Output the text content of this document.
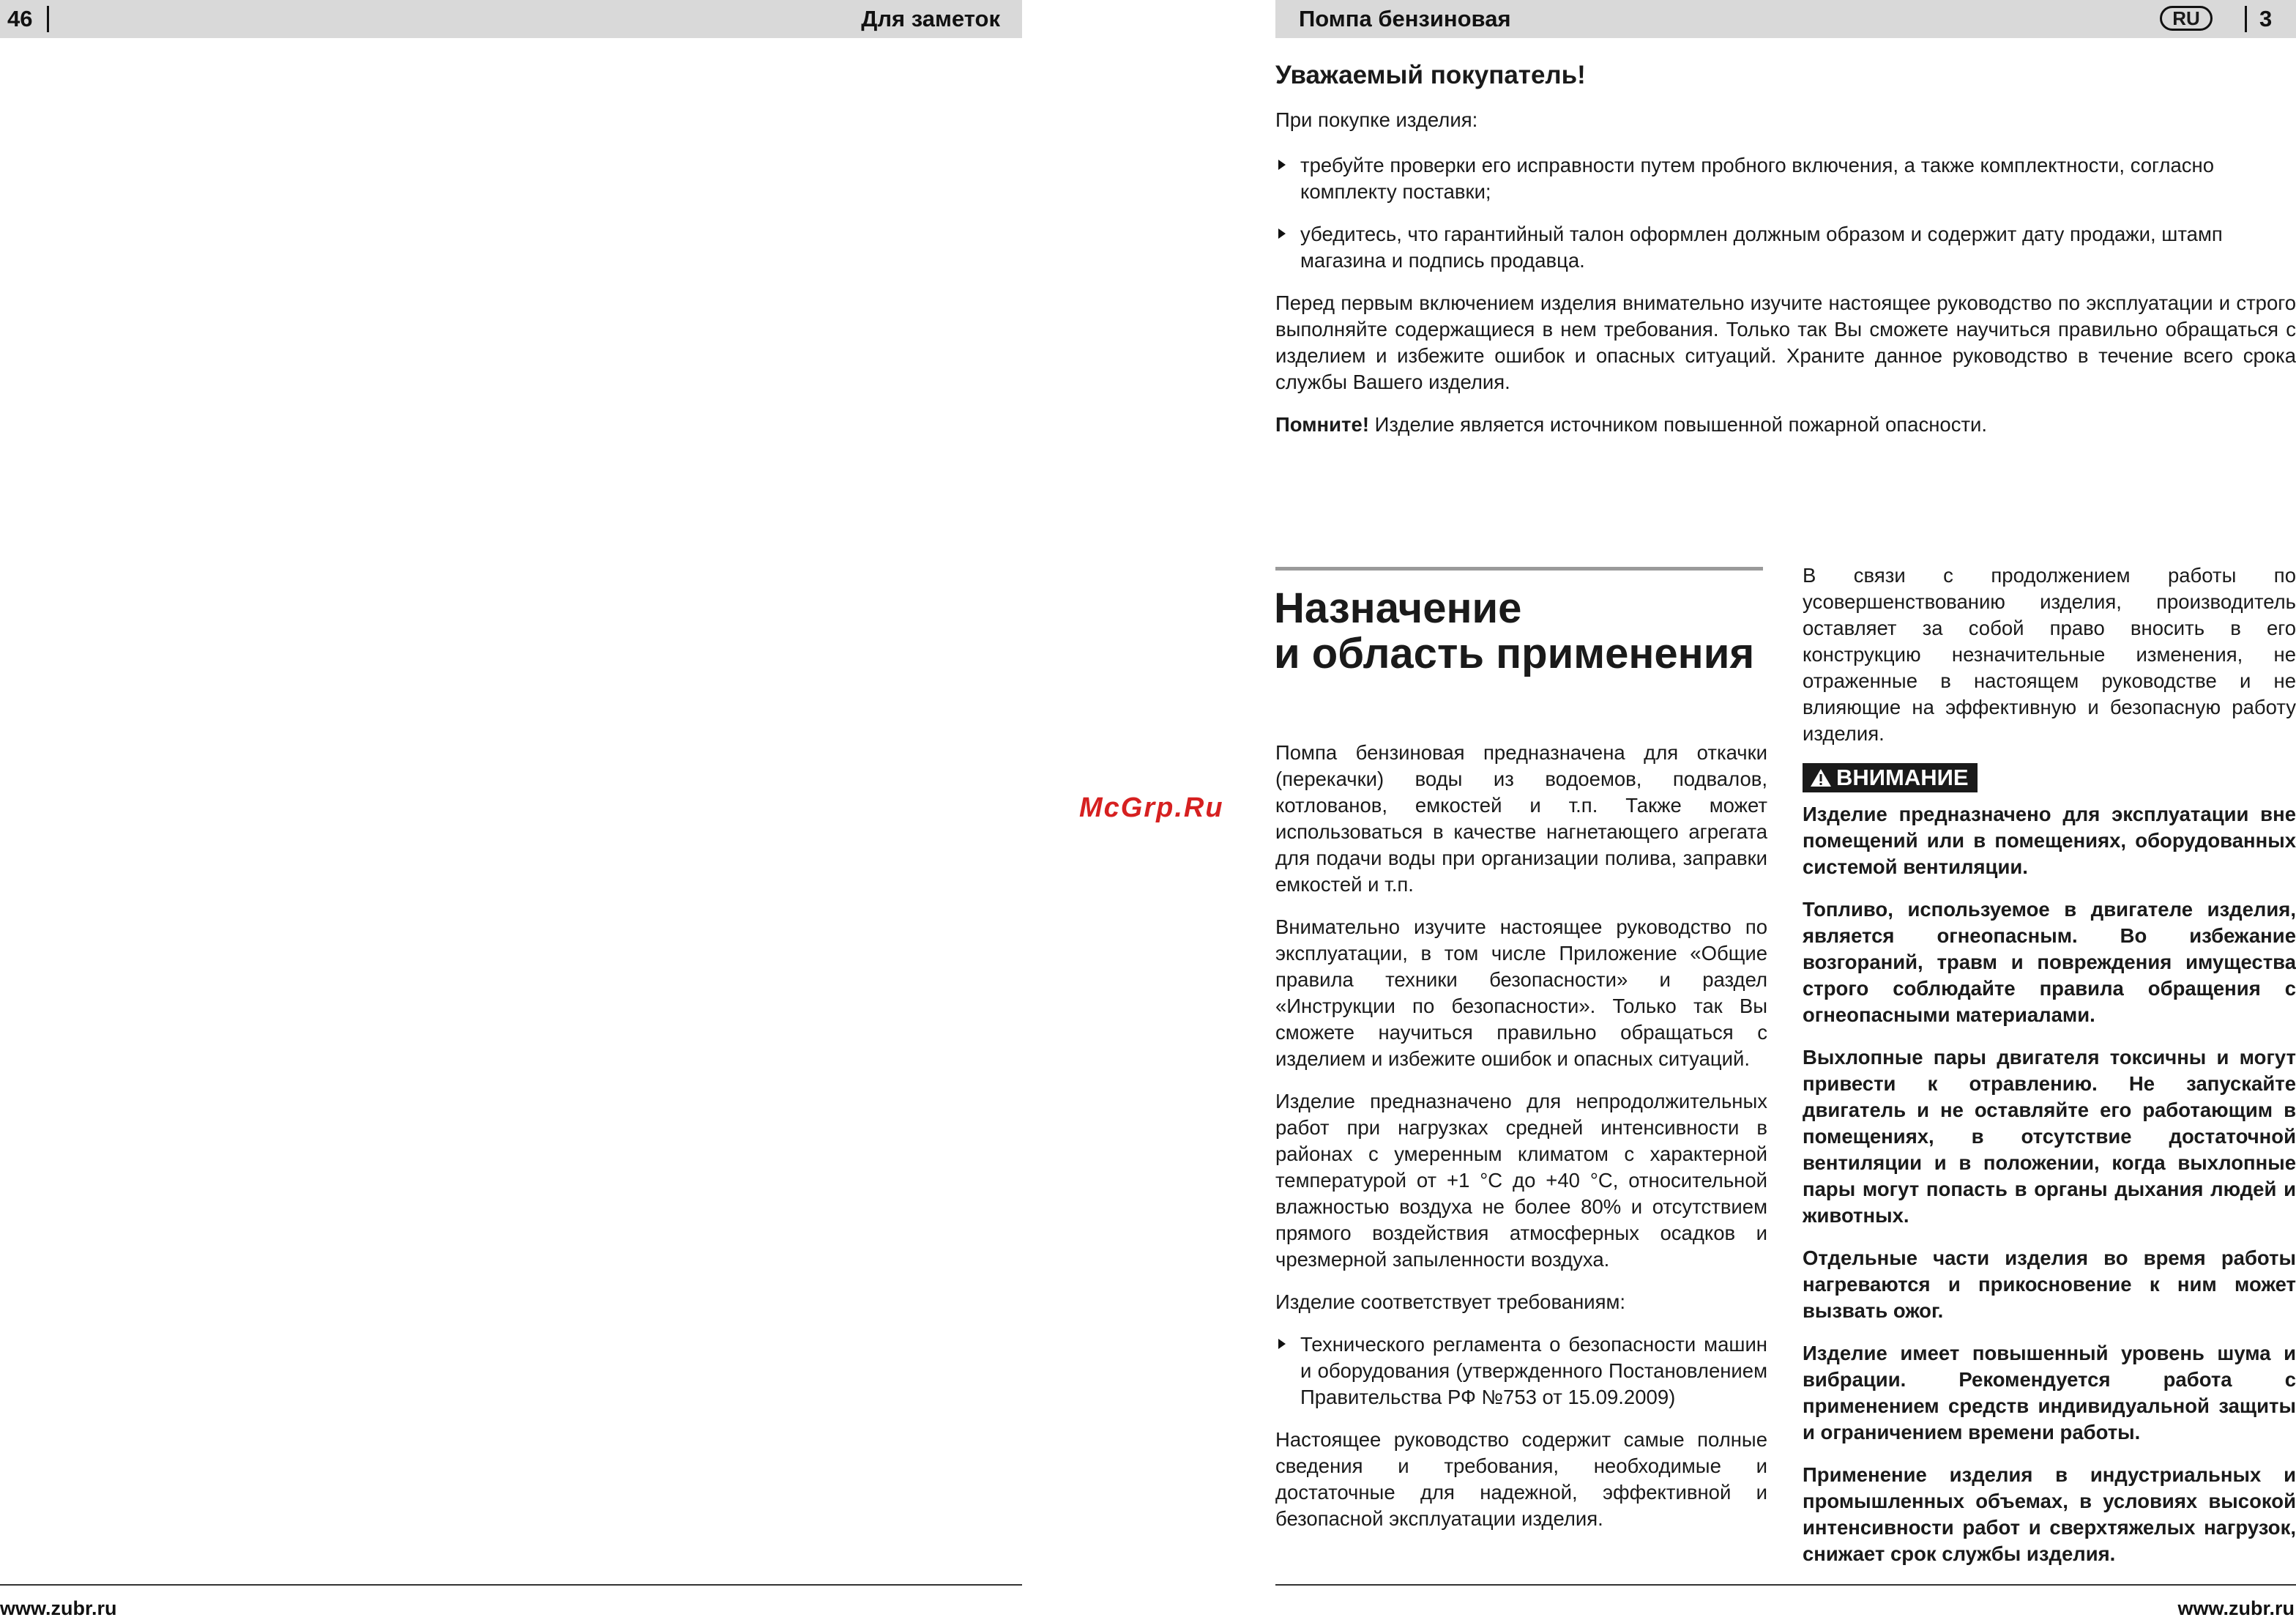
46	Для заметок
www.zubr.ru
McGrp.Ru
Помпа бензиновая	RU	3
Уважаемый покупатель!

При покупке изделия:

требуйте проверки его исправности путем пробного включения, а также комплектности, согласно комплекту поставки;

убедитесь, что гарантийный талон оформлен должным образом и содержит дату продажи, штамп магазина и подпись продавца.

Перед первым включением изделия внимательно изучите настоящее руководство по эксплуатации и строго выполняйте содержащиеся в нем требования. Только так Вы сможете научиться правильно обращаться с изделием и избежите ошибок и опасных ситуаций. Храните данное руководство в течение всего срока службы Вашего изделия.

Помните! Изделие является источником повышенной пожарной опасности.

Назначение
и область применения

Помпа бензиновая предназначена для откачки (перекачки) воды из водоемов, подвалов, котлованов, емкостей и т.п. Также может использоваться в качестве нагнетающего агрегата для подачи воды при организации полива, заправки емкостей и т.п.

Внимательно изучите настоящее руководство по эксплуатации, в том числе Приложение «Общие правила техники безопасности» и раздел «Инструкции по безопасности». Только так Вы сможете научиться правильно обращаться с изделием и избежите ошибок и опасных ситуаций.

Изделие предназначено для непродолжительных работ при нагрузках средней интенсивности в районах с умеренным климатом с характерной температурой от +1 °С до +40 °С, относительной влажностью воздуха не более 80% и отсутствием прямого воздействия атмосферных осадков и чрезмерной запыленности воздуха.

Изделие соответствует требованиям:

Технического регламента о безопасности машин и оборудования (утвержденного Постановлением Правительства РФ №753 от 15.09.2009)

Настоящее руководство содержит самые полные сведения и требования, необходимые и достаточные для надежной, эффективной и безопасной эксплуатации изделия.

В связи с продолжением работы по усовершенствованию изделия, производитель оставляет за собой право вносить в его конструкцию незначительные изменения, не отраженные в настоящем руководстве и не влияющие на эффективную и безопасную работу изделия.

ВНИМАНИЕ

Изделие предназначено для эксплуатации вне помещений или в помещениях, оборудованных системой вентиляции.

Топливо, используемое в двигателе изделия, является огнеопасным. Во избежание возгораний, травм и повреждения имущества строго соблюдайте правила обращения с огнеопасными материалами.

Выхлопные пары двигателя токсичны и могут привести к отравлению. Не запускайте двигатель и не оставляйте его работающим в помещениях, в отсутствие достаточной вентиляции и в положении, когда выхлопные пары могут попасть в органы дыхания людей и животных.

Отдельные части изделия во время работы нагреваются и прикосновение к ним может вызвать ожог.

Изделие имеет повышенный уровень шума и вибрации. Рекомендуется работа с применением средств индивидуальной защиты и ограничением времени работы.

Применение изделия в индустриальных и промышленных объемах, в условиях высокой интенсивности работ и сверхтяжелых нагрузок, снижает срок службы изделия.

www.zubr.ru
